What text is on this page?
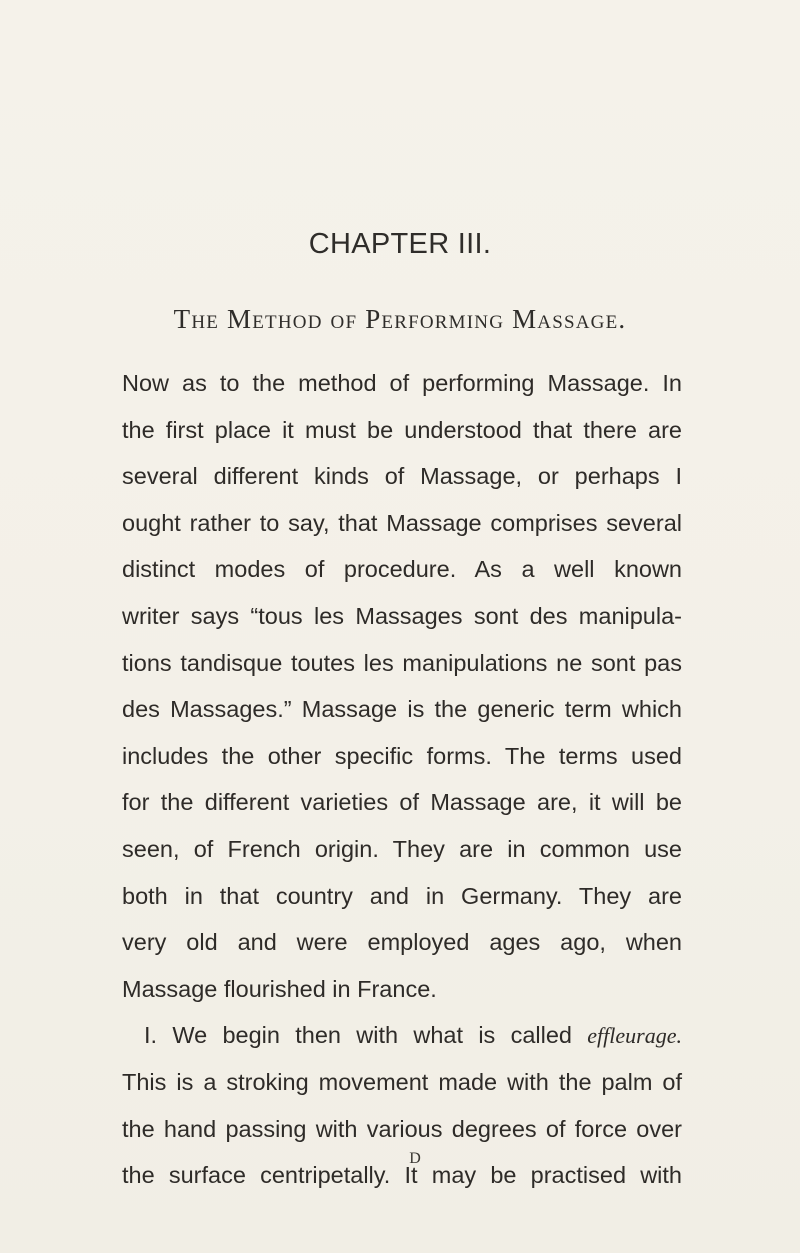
CHAPTER III.
The Method of Performing Massage.
Now as to the method of performing Massage. In
the first place it must be understood that there are
several different kinds of Massage, or perhaps I
ought rather to say, that Massage comprises several
distinct modes of procedure. As a well known
writer says “tous les Massages sont des manipula-
tions tandisque toutes les manipulations ne sont pas
des Massages.” Massage is the generic term which
includes the other specific forms. The terms used
for the different varieties of Massage are, it will be
seen, of French origin. They are in common use
both in that country and in Germany. They are
very old and were employed ages ago, when
Massage flourished in France.
I. We begin then with what is called effleurage.
This is a stroking movement made with the palm of
the hand passing with various degrees of force over
the surface centripetally. It may be practised with
D
